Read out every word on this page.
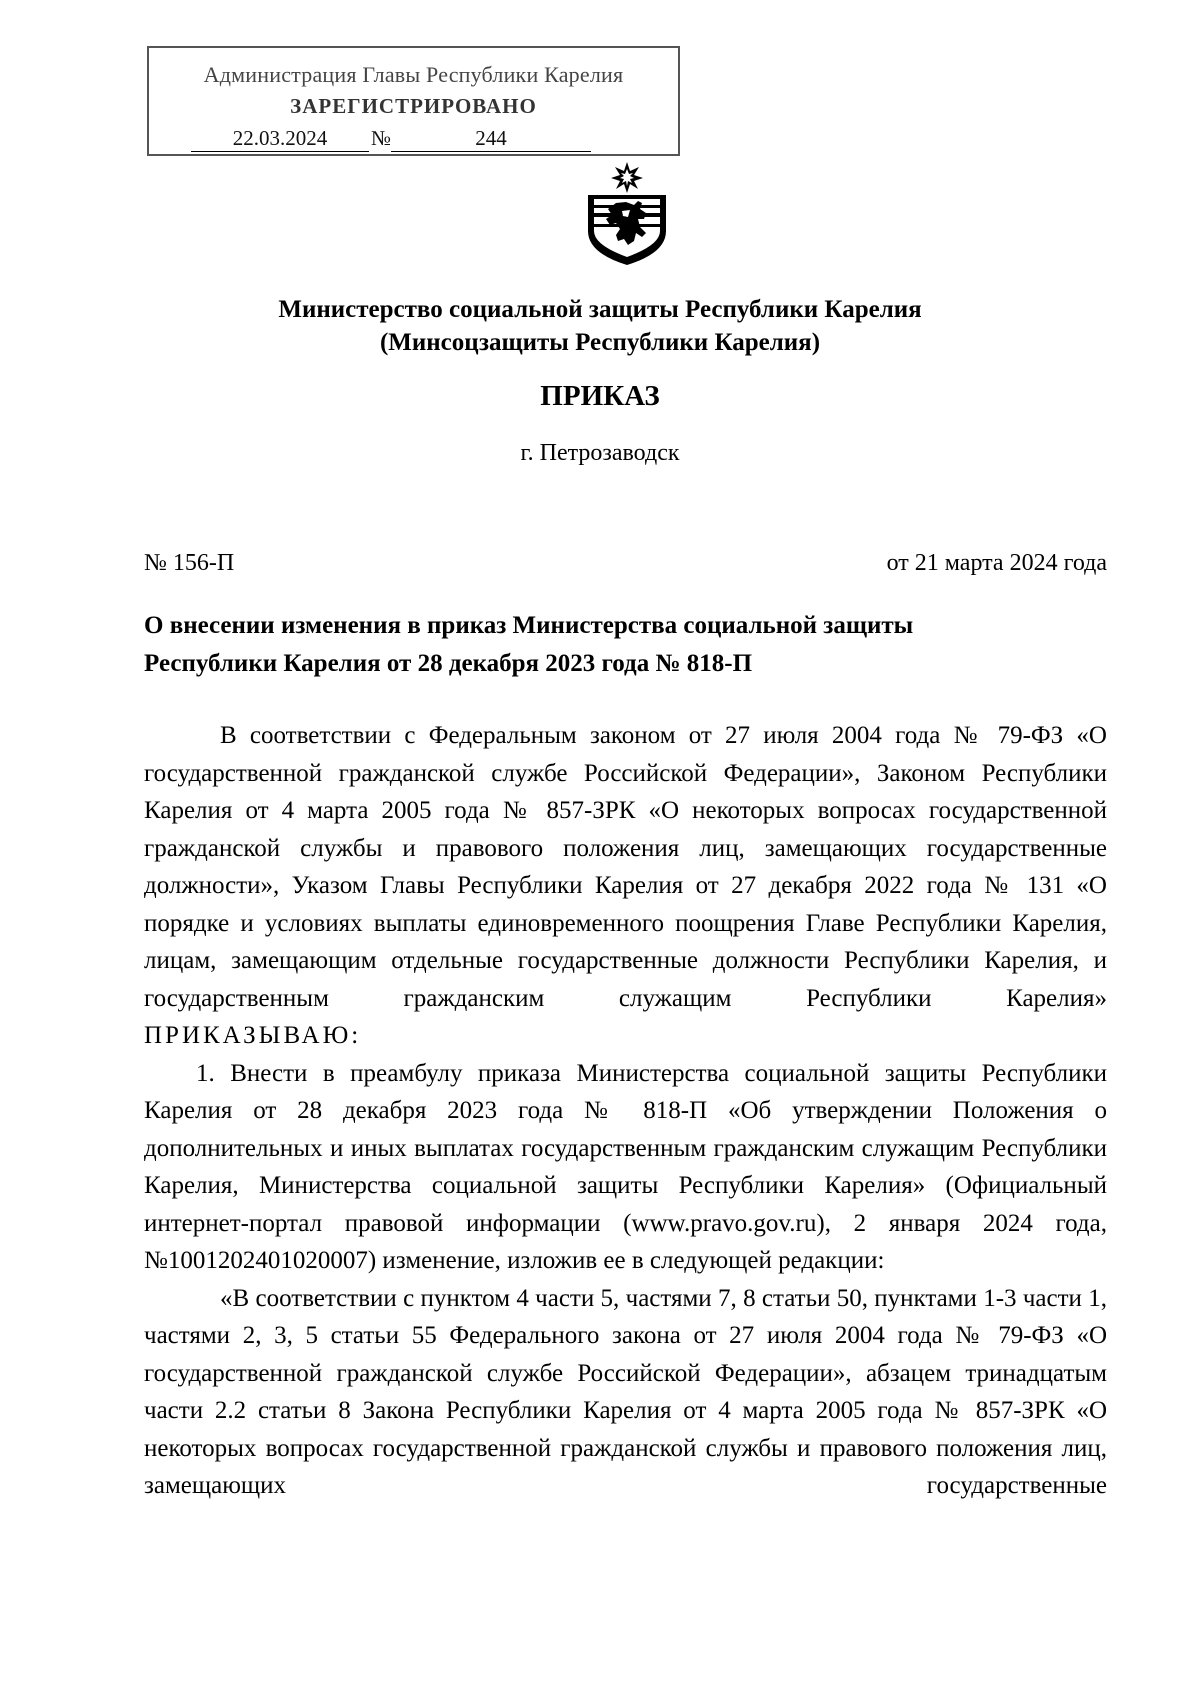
Администрация Главы Республики Карелия
ЗАРЕГИСТРИРОВАНО
22.03.2024 №	244
Министерство социальной защиты Республики Карелия
(Минсоцзащиты Республики Карелия)
ПРИКАЗ
г. Петрозаводск
№ 156-П	от 21 марта 2024 года
О внесении изменения в приказ Министерства социальной защиты
Республики Карелия от 28 декабря 2023 года № 818-П

В соответствии с Федеральным законом от 27 июля 2004 года № 79-ФЗ «О государственной гражданской службе Российской Федерации», Законом Республики Карелия от 4 марта 2005 года № 857-ЗРК «О некоторых вопросах государственной гражданской службы и правового положения лиц, замещающих государственные должности», Указом Главы Республики Карелия от 27 декабря 2022 года № 131 «О порядке и условиях выплаты единовременного поощрения Главе Республики Карелия, лицам, замещающим отдельные государственные должности Республики Карелия, и государственным гражданским служащим Республики Карелия»

ПРИКАЗЫВАЮ:

1. Внести в преамбулу приказа Министерства социальной защиты Республики Карелия от 28 декабря 2023 года № 818-П «Об утверждении Положения о дополнительных и иных выплатах государственным гражданским служащим Республики Карелия, Министерства социальной защиты Республики Карелия» (Официальный интернет-портал правовой информации (www.pravo.gov.ru), 2 января 2024 года, №1001202401020007) изменение, изложив ее в следующей редакции:

«В соответствии с пунктом 4 части 5, частями 7, 8 статьи 50, пунктами 1-3 части 1, частями 2, 3, 5 статьи 55 Федерального закона от 27 июля 2004 года № 79-ФЗ «О государственной гражданской службе Российской Федерации», абзацем тринадцатым части 2.2 статьи 8 Закона Республики Карелия от 4 марта 2005 года № 857-ЗРК «О некоторых вопросах государственной гражданской службы и правового положения лиц, замещающих государственные
